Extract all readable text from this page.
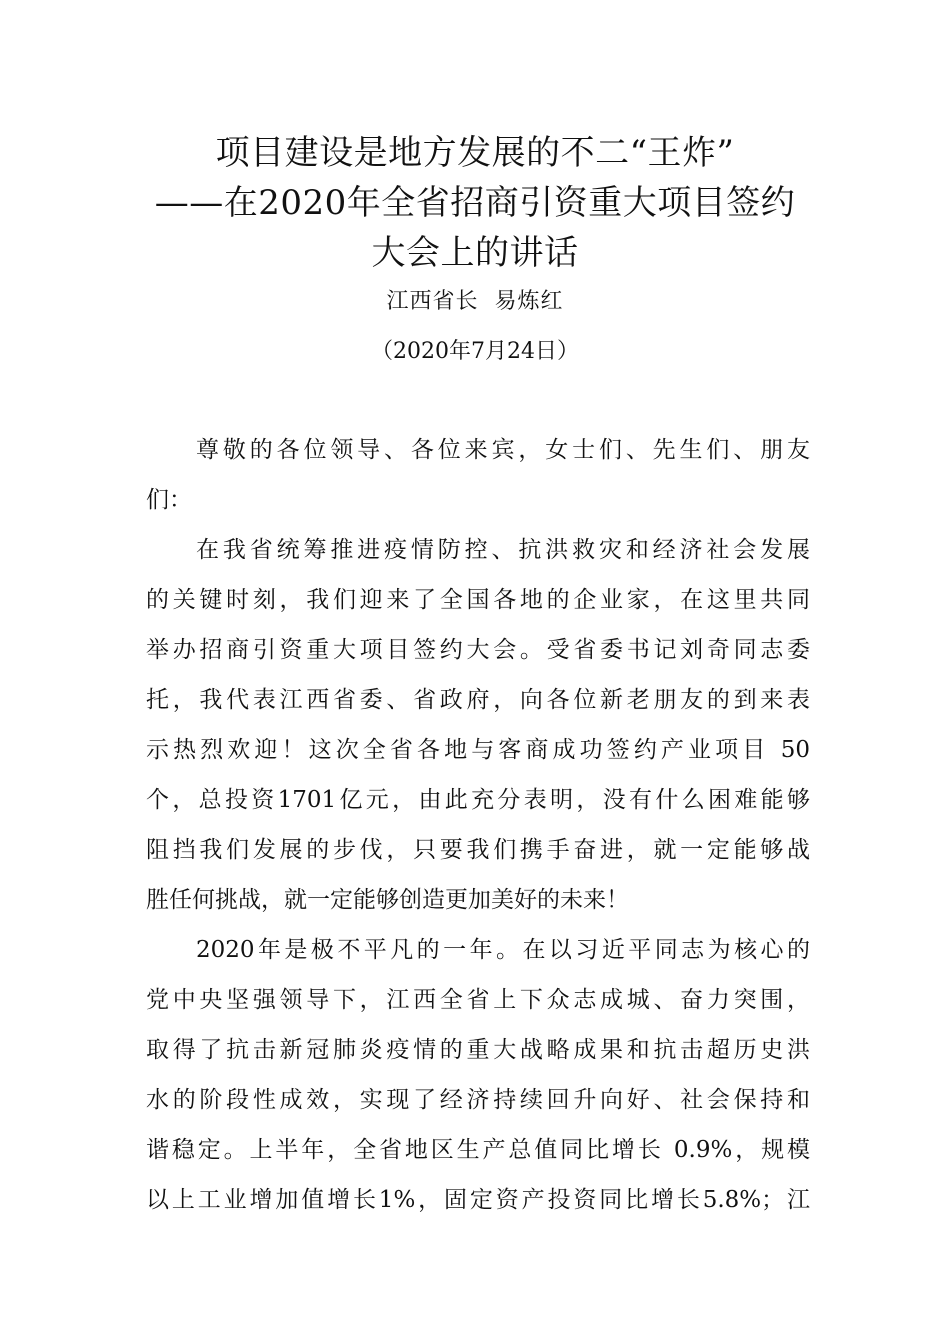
项目建设是地方发展的不二“王炸”
——在2020年全省招商引资重大项目签约
大会上的讲话
江西省长  易炼红
（2020年7月24日）
尊敬的各位领导、各位来宾，女士们、先生们、朋友
们：
在我省统筹推进疫情防控、抗洪救灾和经济社会发展
的关键时刻，我们迎来了全国各地的企业家，在这里共同
举办招商引资重大项目签约大会。受省委书记刘奇同志委
托，我代表江西省委、省政府，向各位新老朋友的到来表
示热烈欢迎！这次全省各地与客商成功签约产业项目 50
个，总投资1701亿元，由此充分表明，没有什么困难能够
阻挡我们发展的步伐，只要我们携手奋进，就一定能够战
胜任何挑战，就一定能够创造更加美好的未来！
2020年是极不平凡的一年。在以习近平同志为核心的
党中央坚强领导下，江西全省上下众志成城、奋力突围，
取得了抗击新冠肺炎疫情的重大战略成果和抗击超历史洪
水的阶段性成效，实现了经济持续回升向好、社会保持和
谐稳定。上半年，全省地区生产总值同比增长 0.9%，规模
以上工业增加值增长1%，固定资产投资同比增长5.8%；江
